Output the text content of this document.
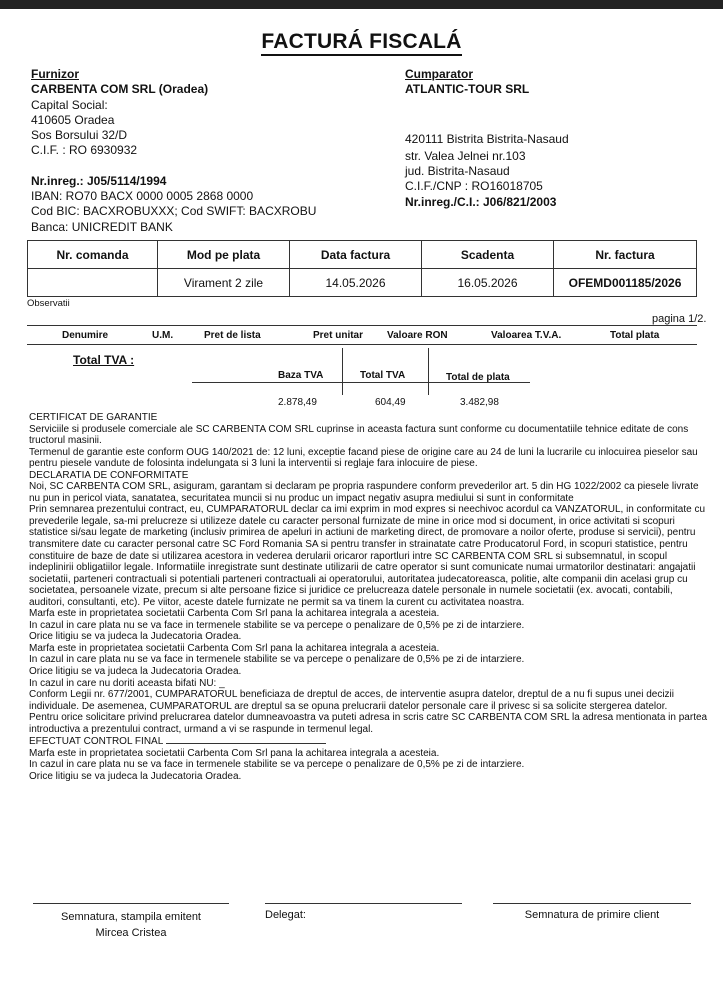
FACTURÁ FISCALÁ
Furnizor
CARBENTA COM SRL (Oradea)
Capital Social:
410605 Oradea
Sos Borsului 32/D
C.I.F. : RO 6930932
Nr.inreg.: J05/5114/1994
IBAN: RO70 BACX 0000 0005 2868 0000
Cod BIC: BACXROBUXXX; Cod SWIFT: BACXROBU
Banca: UNICREDIT BANK
Cumparator
ATLANTIC-TOUR SRL
420111 Bistrita Bistrita-Nasaud
str. Valea Jelnei nr.103
jud. Bistrita-Nasaud
C.I.F./CNP : RO16018705
Nr.inreg./C.I.: J06/821/2003
Nr. comanda	Mod pe plata	Data factura	Scadenta	Nr. factura
	Virament 2 zile	14.05.2026	16.05.2026	OFEMD001185/2026
Observatii
pagina 1/2.
Denumire	U.M.	Pret de lista	Pret unitar Valoare RON	Valoarea T.V.A.	Total plata
Total TVA :
Baza TVA	Total TVA	Total de plata
2.878,49	604,49	3.482,98
CERTIFICAT DE GARANTIE
Serviciile si produsele comerciale ale SC CARBENTA COM SRL cuprinse in aceasta factura sunt conforme cu documentatiile tehnice editate de cons tructorul masinii.
Termenul de garantie este conform OUG 140/2021 de: 12 luni, exceptie facand piese de origine care au 24 de luni la lucrarile cu inlocuirea pieselor sau pentru piesele vandute de folosinta indelungata si 3 luni la interventii si reglaje fara inlocuire de piese.
DECLARATIA DE CONFORMITATE
Noi, SC CARBENTA COM SRL, asiguram, garantam si declaram pe propria raspundere conform prevederilor art. 5 din HG 1022/2002 ca piesele livrate nu pun in pericol viata, sanatatea, securitatea muncii si nu produc un impact negativ asupra mediului si sunt in conformitate
Prin semnarea prezentului contract, eu, CUMPARATORUL declar ca imi exprim in mod expres si neechivoc acordul ca VANZATORUL, in conformitate cu prevederile legale, sa-mi prelucreze si utilizeze datele cu caracter personal furnizate de mine in orice mod si document, in orice activitati si scopuri statistice si/sau legate de marketing (inclusiv primirea de apeluri in actiuni de marketing direct, de promovare a noilor oferte, produse si servicii), pentru transmitere date cu caracter personal catre SC Ford Romania SA si pentru transfer in strainatate catre Producatorul Ford, in scopuri statistice, pentru constituire de baze de date si utilizarea acestora in vederea derularii oricaror raportluri intre SC CARBENTA COM SRL si subsemnatul, in scopul indeplinirii obligatiilor legale. Informatiile inregistrate sunt destinate utilizarii de catre operator si sunt comunicate numai urmatorilor destinatari: angajatii societatii, parteneri contractuali si potentiali parteneri contractuali ai operatorului, autoritatea judecatoreasca, politie, alte companii din acelasi grup cu societatea, persoanele vizate, precum si alte persoane fizice si juridice ce prelucreaza datele personale in numele societatii (ex. avocati, contabili, auditori, consultanti, etc). Pe viitor, aceste datele furnizate ne permit sa va tinem la curent cu activitatea noastra.
Marfa este in proprietatea societatii Carbenta Com Srl pana la achitarea integrala a acesteia.
In cazul in care plata nu se va face in termenele stabilite se va percepe o penalizare de 0,5% pe zi de intarziere.
Orice litigiu se va judeca la Judecatoria Oradea.
Marfa este in proprietatea societatii Carbenta Com Srl pana la achitarea integrala a acesteia.
In cazul in care plata nu se va face in termenele stabilite se va percepe o penalizare de 0,5% pe zi de intarziere.
Orice litigiu se va judeca la Judecatoria Oradea.
In cazul in care nu doriti aceasta bifati NU: _
Conform Legii nr. 677/2001, CUMPARATORUL beneficiaza de dreptul de acces, de interventie asupra datelor, dreptul de a nu fi supus unei decizii individuale. De asemenea, CUMPARATORUL are dreptul sa se opuna prelucrarii datelor personale care il privesc si sa solicite stergerea datelor.
Pentru orice solicitare privind prelucrarea datelor dumneavoastra va puteti adresa in scris catre SC CARBENTA COM SRL la adresa mentionata in partea introductiva a prezentului contract, urmand a vi se raspunde in termenul legal.
EFECTUAT CONTROL FINAL
Marfa este in proprietatea societatii Carbenta Com Srl pana la achitarea integrala a acesteia.
In cazul in care plata nu se va face in termenele stabilite se va percepe o penalizare de 0,5% pe zi de intarziere.
Orice litigiu se va judeca la Judecatoria Oradea.
Semnatura, stampila emitent
Mircea Cristea
Delegat:	Semnatura de primire client
